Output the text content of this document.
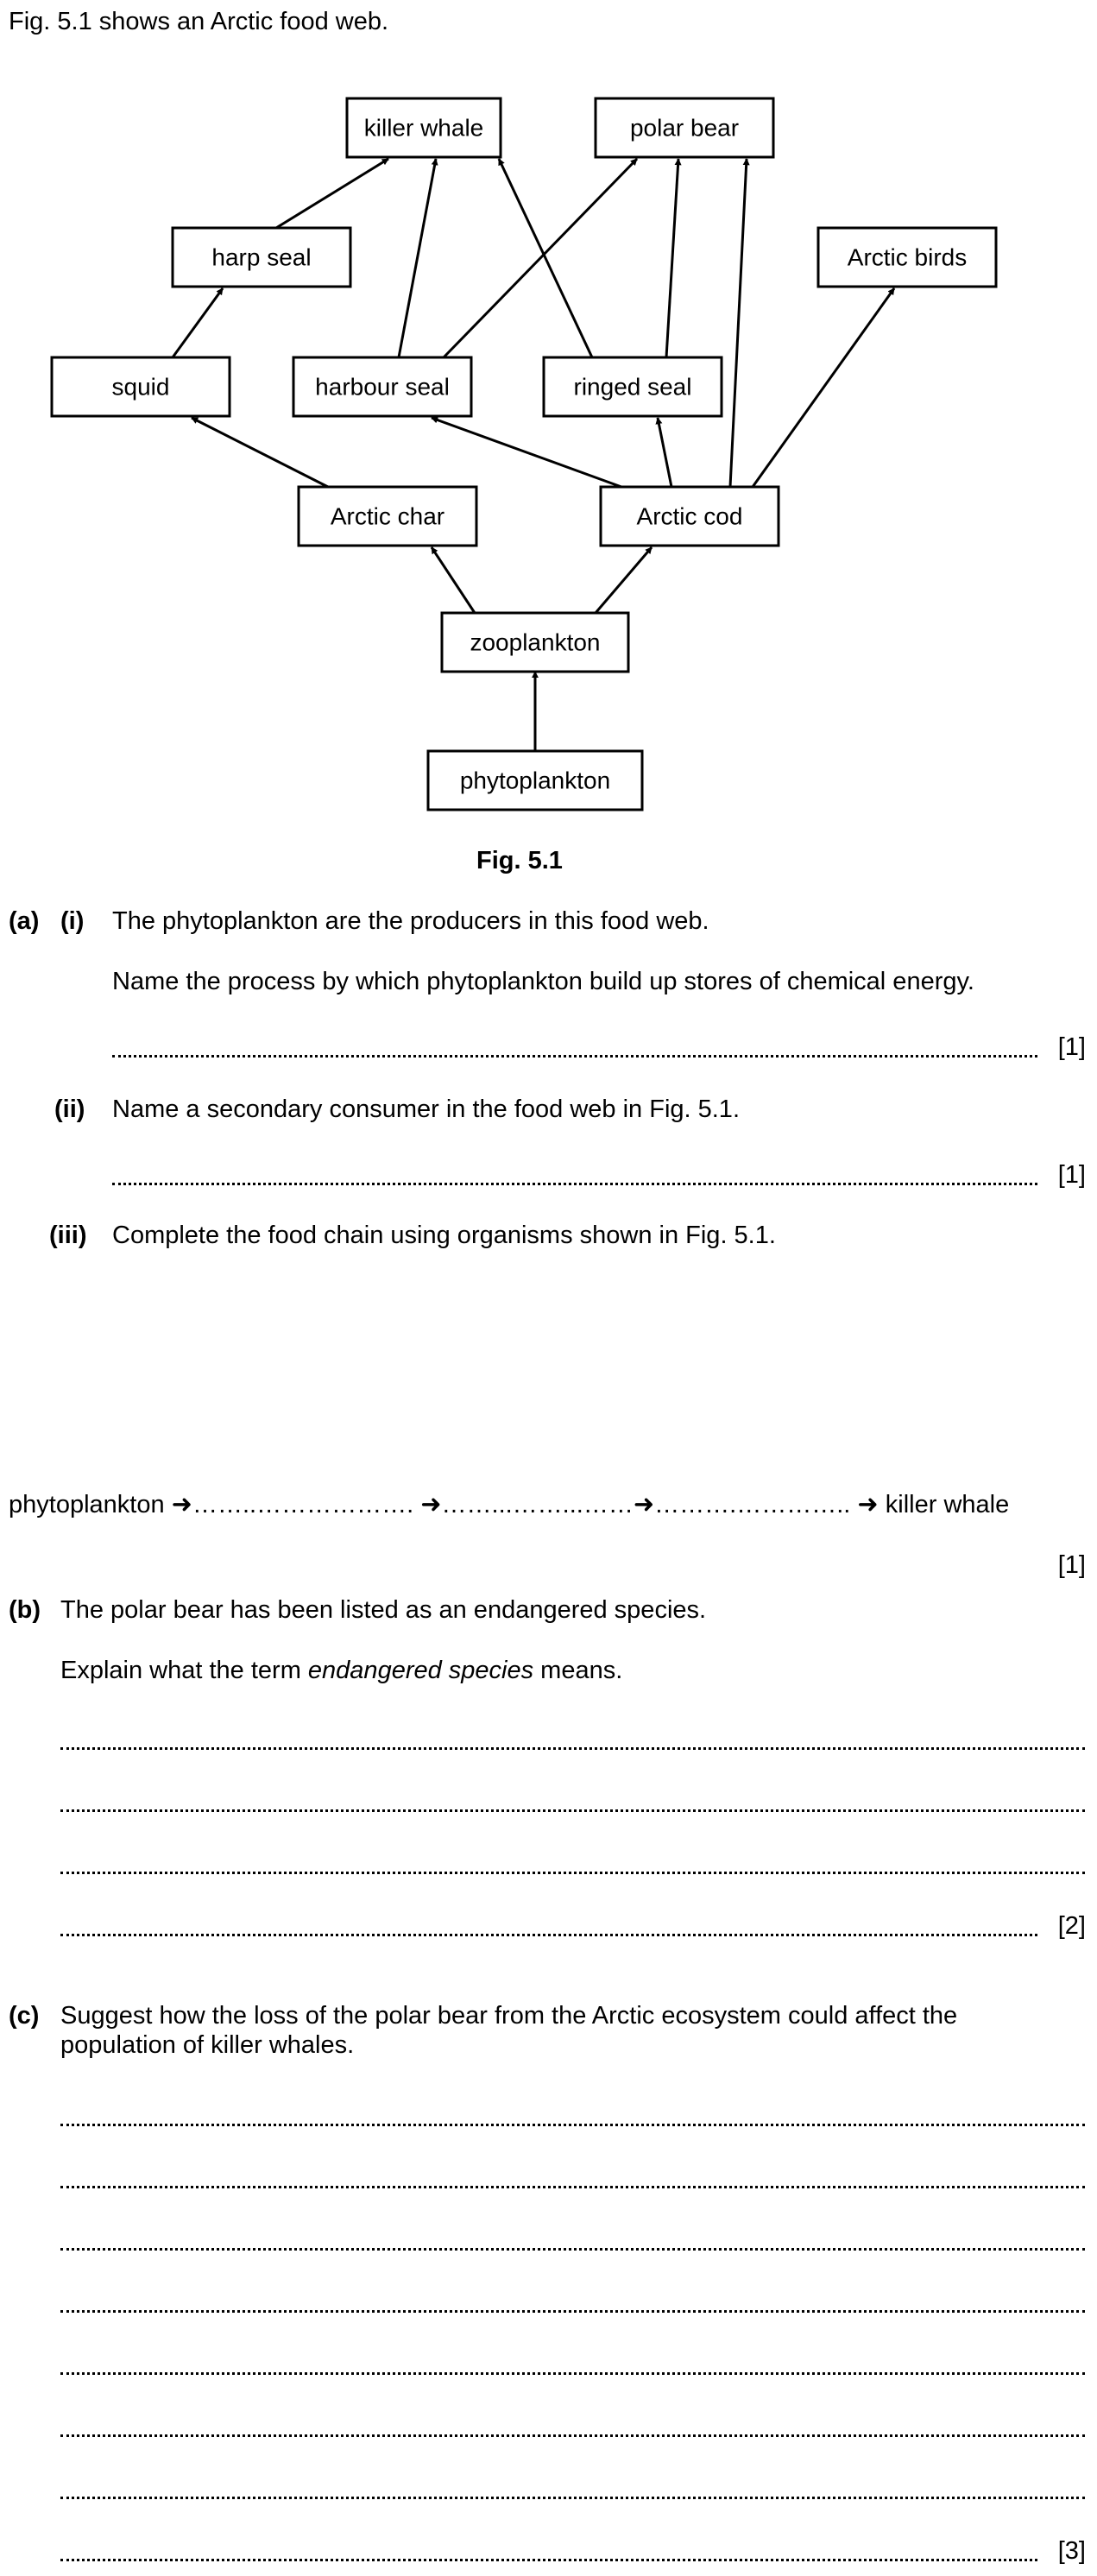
Fig. 5.1 shows an Arctic food web.
killer whale	polar bear
harp seal	Arctic birds
squid	harbour seal	ringed seal
Arctic char	Arctic cod
zooplankton
phytoplankton
Fig. 5.1
(a) (i) The phytoplankton are the producers in this food web.
Name the process by which phytoplankton build up stores of chemical energy.
[1]
(ii) Name a secondary consumer in the food web in Fig. 5.1.
[1]
(iii) Complete the food chain using organisms shown in Fig. 5.1.
phytoplankton ➜……..………………. ➜……...……...……➜……….………….. ➜ killer whale
[1]
(b) The polar bear has been listed as an endangered species.
Explain what the term endangered species means.
[2]
(c) Suggest how the loss of the polar bear from the Arctic ecosystem could affect the
population of killer whales.
[3]
